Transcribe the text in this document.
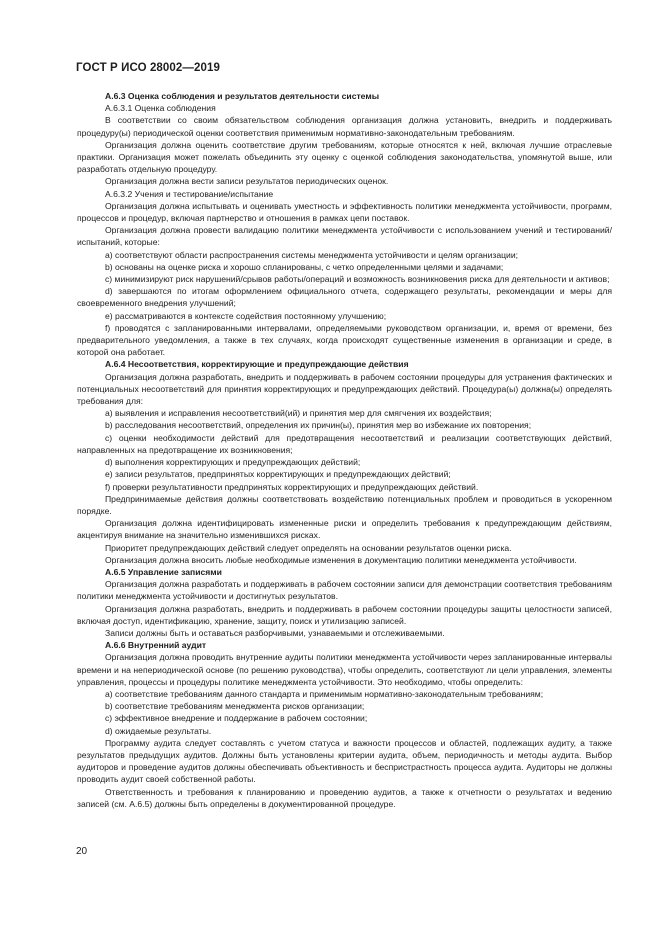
ГОСТ Р ИСО 28002—2019

А.6.3 Оценка соблюдения и результатов деятельности системы

А.6.3.1 Оценка соблюдения

В соответствии со своим обязательством соблюдения организация должна установить, внедрить и поддерживать процедуру(ы) периодической оценки соответствия применимым нормативно-законодательным требованиям.

Организация должна оценить соответствие другим требованиям, которые относятся к ней, включая лучшие отраслевые практики. Организация может пожелать объединить эту оценку с оценкой соблюдения законодательства, упомянутой выше, или разработать отдельную процедуру.

Организация должна вести записи результатов периодических оценок.

А.6.3.2 Учения и тестирование/испытание

Организация должна испытывать и оценивать уместность и эффективность политики менеджмента устойчивости, программ, процессов и процедур, включая партнерство и отношения в рамках цепи поставок.

Организация должна провести валидацию политики менеджмента устойчивости с использованием учений и тестирований/испытаний, которые:

a) соответствуют области распространения системы менеджмента устойчивости и целям организации;

b) основаны на оценке риска и хорошо спланированы, с четко определенными целями и задачами;

c) минимизируют риск нарушений/срывов работы/операций и возможность возникновения риска для деятельности и активов;

d) завершаются по итогам оформлением официального отчета, содержащего результаты, рекомендации и меры для своевременного внедрения улучшений;

e) рассматриваются в контексте содействия постоянному улучшению;

f) проводятся с запланированными интервалами, определяемыми руководством организации, и, время от времени, без предварительного уведомления, а также в тех случаях, когда происходят существенные изменения в организации и среде, в которой она работает.

А.6.4 Несоответствия, корректирующие и предупреждающие действия

Организация должна разработать, внедрить и поддерживать в рабочем состоянии процедуры для устранения фактических и потенциальных несоответствий для принятия корректирующих и предупреждающих действий. Процедура(ы) должна(ы) определять требования для:

a) выявления и исправления несоответствий(ий) и принятия мер для смягчения их воздействия;

b) расследования несоответствий, определения их причин(ы), принятия мер во избежание их повторения;

c) оценки необходимости действий для предотвращения несоответствий и реализации соответствующих действий, направленных на предотвращение их возникновения;

d) выполнения корректирующих и предупреждающих действий;

e) записи результатов, предпринятых корректирующих и предупреждающих действий;

f) проверки результативности предпринятых корректирующих и предупреждающих действий.

Предпринимаемые действия должны соответствовать воздействию потенциальных проблем и проводиться в ускоренном порядке.

Организация должна идентифицировать измененные риски и определить требования к предупреждающим действиям, акцентируя внимание на значительно изменившихся рисках.

Приоритет предупреждающих действий следует определять на основании результатов оценки риска.

Организация должна вносить любые необходимые изменения в документацию политики менеджмента устойчивости.

А.6.5 Управление записями

Организация должна разработать и поддерживать в рабочем состоянии записи для демонстрации соответствия требованиям политики менеджмента устойчивости и достигнутых результатов.

Организация должна разработать, внедрить и поддерживать в рабочем состоянии процедуры защиты целостности записей, включая доступ, идентификацию, хранение, защиту, поиск и утилизацию записей.

Записи должны быть и оставаться разборчивыми, узнаваемыми и отслеживаемыми.

А.6.6 Внутренний аудит

Организация должна проводить внутренние аудиты политики менеджмента устойчивости через запланированные интервалы времени и на непериодической основе (по решению руководства), чтобы определить, соответствуют ли цели управления, элементы управления, процессы и процедуры политике менеджмента устойчивости. Это необходимо, чтобы определить:

a) соответствие требованиям данного стандарта и применимым нормативно-законодательным требованиям;

b) соответствие требованиям менеджмента рисков организации;

c) эффективное внедрение и поддержание в рабочем состоянии;

d) ожидаемые результаты.

Программу аудита следует составлять с учетом статуса и важности процессов и областей, подлежащих аудиту, а также результатов предыдущих аудитов. Должны быть установлены критерии аудита, объем, периодичность и методы аудита. Выбор аудиторов и проведение аудитов должны обеспечивать объективность и беспристрастность процесса аудита. Аудиторы не должны проводить аудит своей собственной работы.

Ответственность и требования к планированию и проведению аудитов, а также к отчетности о результатах и ведению записей (см. А.6.5) должны быть определены в документированной процедуре.

20
